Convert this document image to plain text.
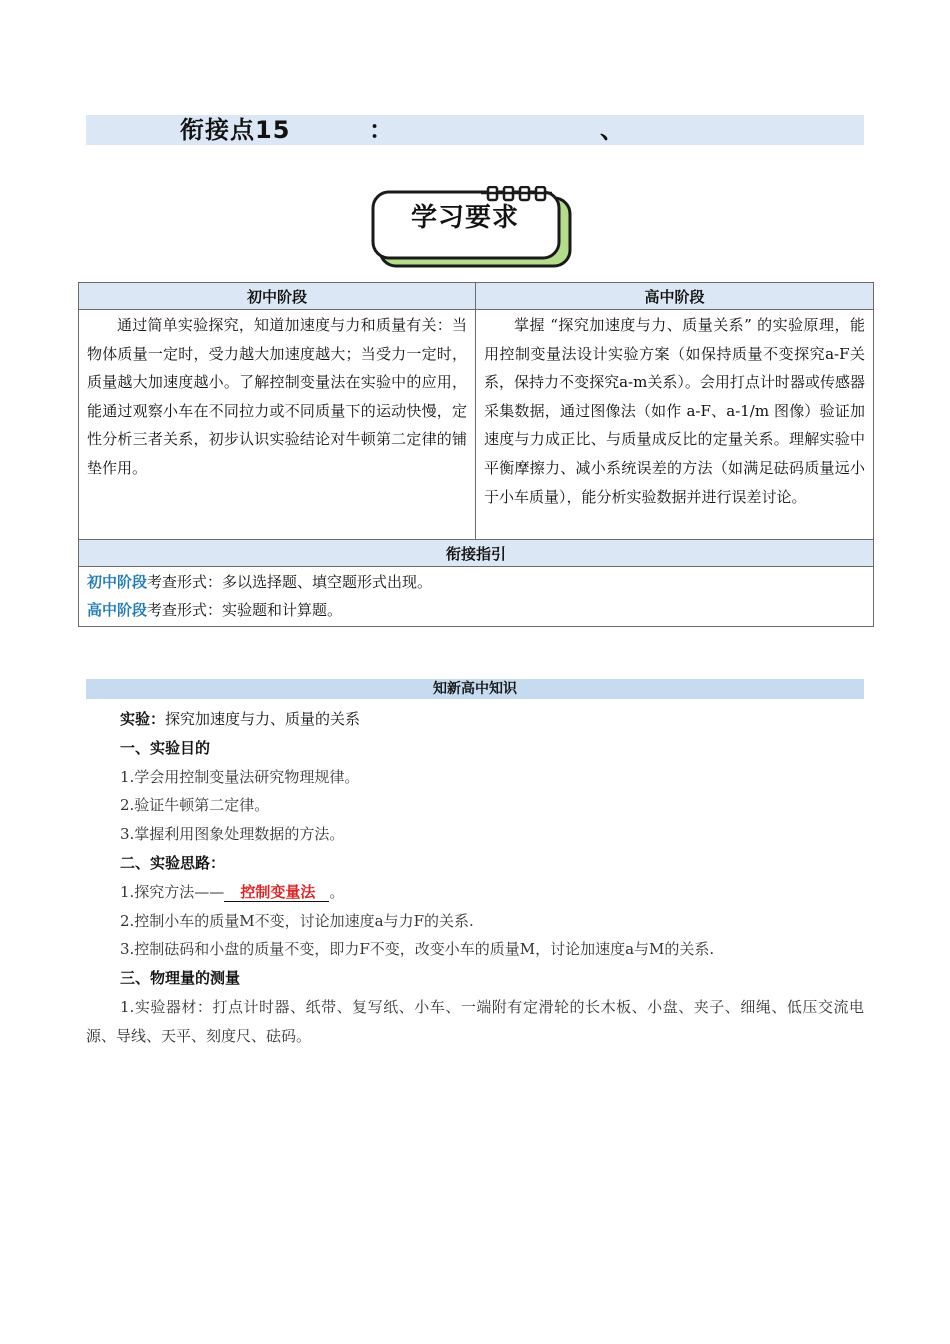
衔接点15	：	、
学习要求
初中阶段	高中阶段

通过简单实验探究，知道加速度与力和质量有关：当物体质量一定时，受力越大加速度越大；当受力一定时，质量越大加速度越小。了解控制变量法在实验中的应用，能通过观察小车在不同拉力或不同质量下的运动快慢，定性分析三者关系，初步认识实验结论对牛顿第二定律的铺垫作用。	掌握 “探究加速度与力、质量关系” 的实验原理，能用控制变量法设计实验方案（如保持质量不变探究a-F关系，保持力不变探究a-m关系）。会用打点计时器或传感器采集数据，通过图像法（如作 a-F、a-1/m 图像）验证加速度与力成正比、与质量成反比的定量关系。理解实验中平衡摩擦力、减小系统误差的方法（如满足砝码质量远小于小车质量），能分析实验数据并进行误差讨论。

衔接指引	

初中阶段考查形式：多以选择题、填空题形式出现。
高中阶段考查形式：实验题和计算题。	
知新高中知识
实验：探究加速度与力、质量的关系
一、实验目的
1.学会用控制变量法研究物理规律。
2.验证牛顿第二定律。
3.掌握利用图象处理数据的方法。
二、实验思路：
1.探究方法—— 控制变量法 。
2.控制小车的质量M不变，讨论加速度a与力F的关系.
3.控制砝码和小盘的质量不变，即力F不变，改变小车的质量M，讨论加速度a与M的关系.
三、物理量的测量
1.实验器材：打点计时器、纸带、复写纸、小车、一端附有定滑轮的长木板、小盘、夹子、细绳、低压交流电源、导线、天平、刻度尺、砝码。
